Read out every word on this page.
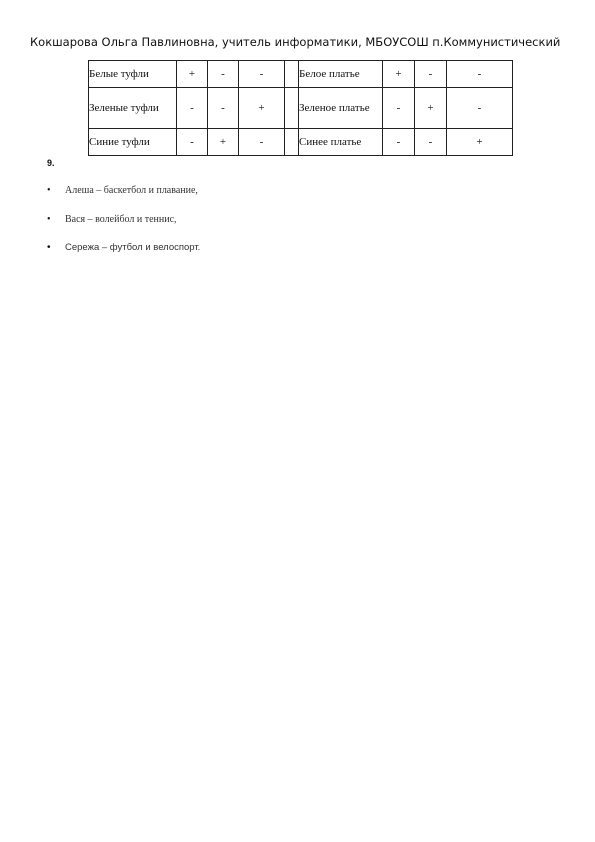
Кокшарова Ольга Павлиновна, учитель информатики, МБОУСОШ п.Коммунистический
Белые туфли	+	-	-		Белое платье	+	-	-
Зеленые туфли	-	-	+		Зеленое платье	-	+	-
Синие туфли	-	+	-		Синее платье	-	-	+
9.
• Алеша – баскетбол и плавание,
• Вася – волейбол и теннис,
• Сережа – футбол и велоспорт.
